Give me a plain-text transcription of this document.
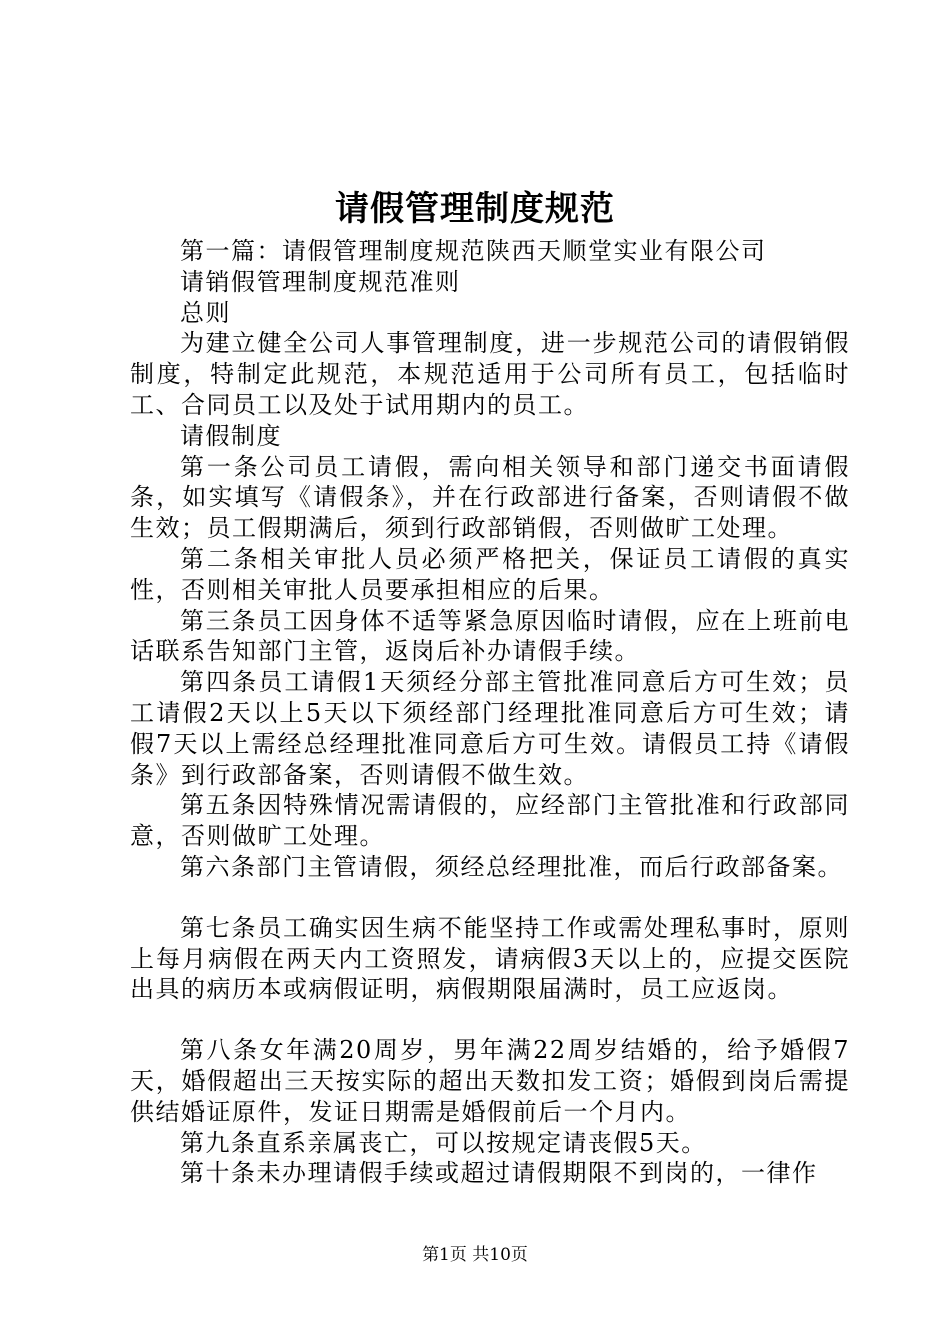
请假管理制度规范

第一篇：请假管理制度规范陕西天顺堂实业有限公司

请销假管理制度规范准则

总则

为建立健全公司人事管理制度，进一步规范公司的请假销假制度，特制定此规范，本规范适用于公司所有员工，包括临时工、合同员工以及处于试用期内的员工。

请假制度

第一条公司员工请假，需向相关领导和部门递交书面请假条，如实填写《请假条》，并在行政部进行备案，否则请假不做生效；员工假期满后，须到行政部销假，否则做旷工处理。

第二条相关审批人员必须严格把关，保证员工请假的真实性，否则相关审批人员要承担相应的后果。

第三条员工因身体不适等紧急原因临时请假，应在上班前电话联系告知部门主管，返岗后补办请假手续。

第四条员工请假1天须经分部主管批准同意后方可生效；员工请假2天以上5天以下须经部门经理批准同意后方可生效；请假7天以上需经总经理批准同意后方可生效。请假员工持《请假条》到行政部备案，否则请假不做生效。

第五条因特殊情况需请假的，应经部门主管批准和行政部同意，否则做旷工处理。

第六条部门主管请假，须经总经理批准，而后行政部备案。

第七条员工确实因生病不能坚持工作或需处理私事时，原则上每月病假在两天内工资照发，请病假3天以上的，应提交医院出具的病历本或病假证明，病假期限届满时，员工应返岗。

第八条女年满20周岁，男年满22周岁结婚的，给予婚假7天，婚假超出三天按实际的超出天数扣发工资；婚假到岗后需提供结婚证原件，发证日期需是婚假前后一个月内。

第九条直系亲属丧亡，可以按规定请丧假5天。

第十条未办理请假手续或超过请假期限不到岗的，一律作

第1页 共10页
